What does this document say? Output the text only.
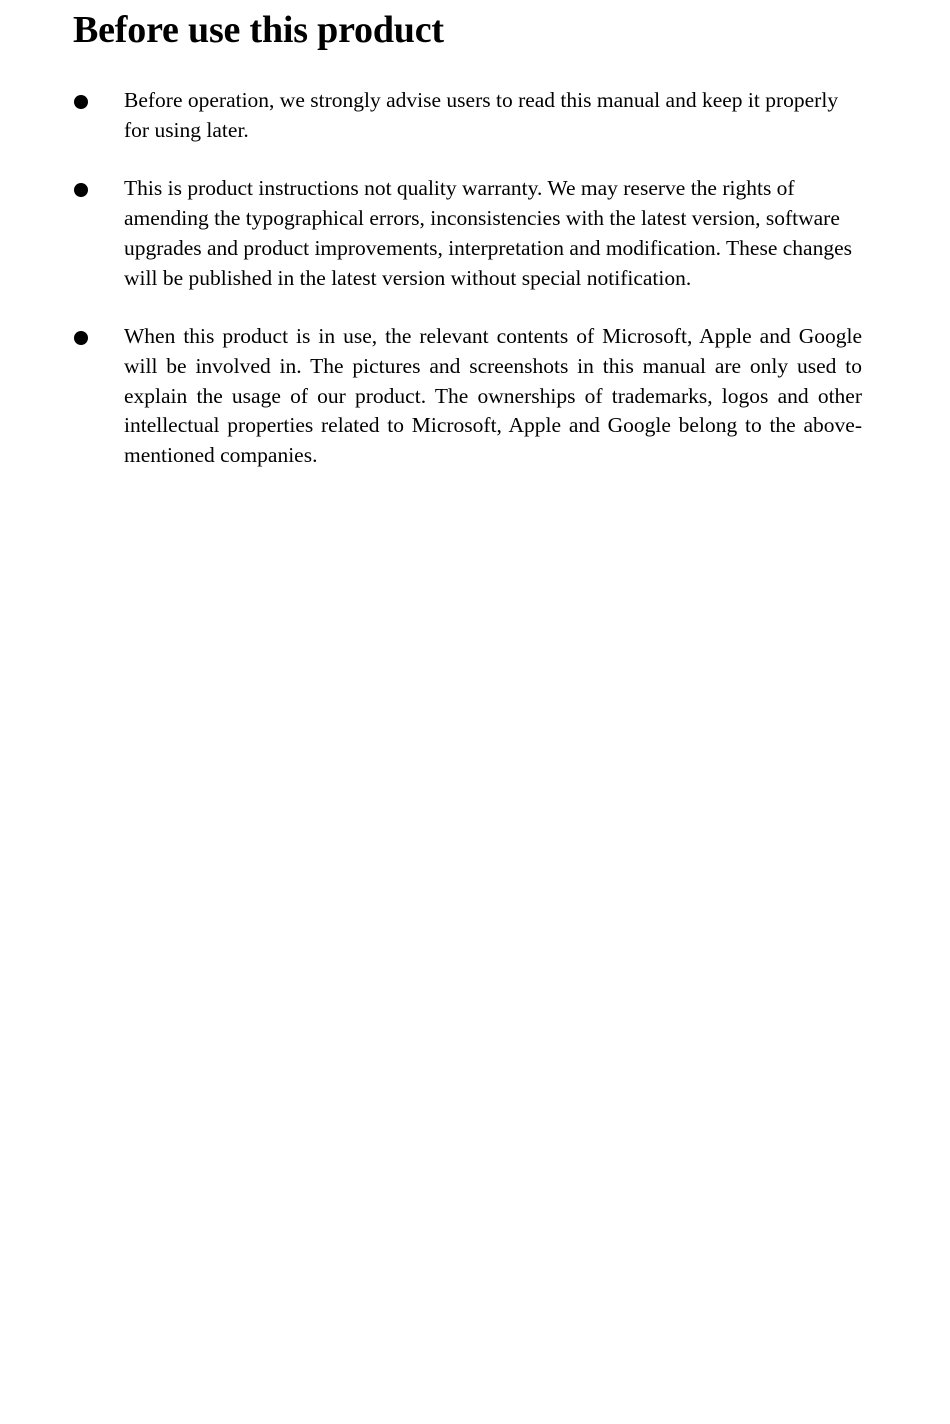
Before use this product

Before operation, we strongly advise users to read this manual and keep it properly for using later.

This is product instructions not quality warranty. We may reserve the rights of amending the typographical errors, inconsistencies with the latest version, software upgrades and product improvements, interpretation and modification. These changes will be published in the latest version without special notification.

When this product is in use, the relevant contents of Microsoft, Apple and Google will be involved in. The pictures and screenshots in this manual are only used to explain the usage of our product. The ownerships of trademarks, logos and other intellectual properties related to Microsoft, Apple and Google belong to the above-mentioned companies.
